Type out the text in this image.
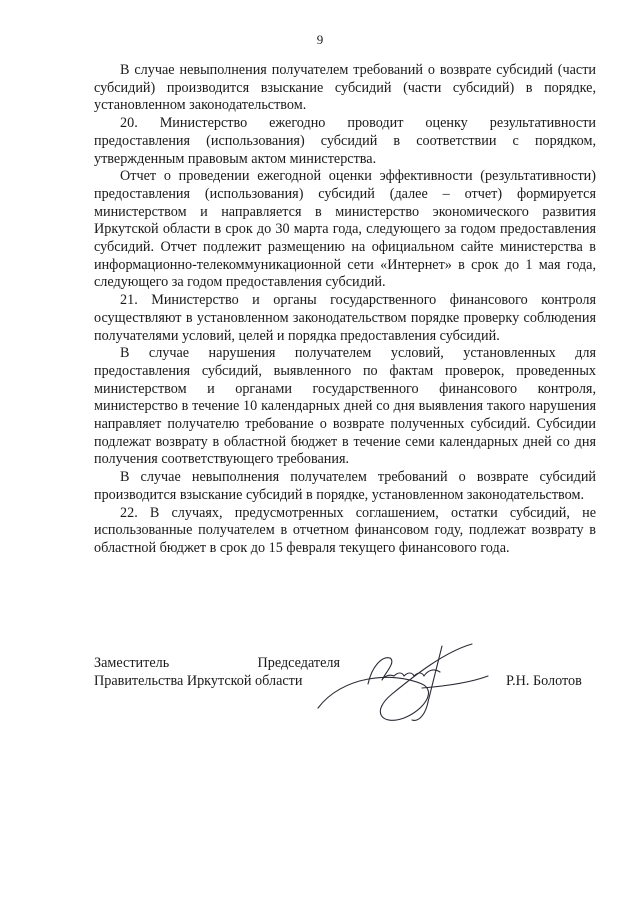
9

В случае невыполнения получателем требований о возврате субсидий (части субсидий) производится взыскание субсидий (части субсидий) в порядке, установленном законодательством.

20. Министерство ежегодно проводит оценку результативности предоставления (использования) субсидий в соответствии с порядком, утвержденным правовым актом министерства.

Отчет о проведении ежегодной оценки эффективности (результативности) предоставления (использования) субсидий (далее – отчет) формируется министерством и направляется в министерство экономического развития Иркутской области в срок до 30 марта года, следующего за годом предоставления субсидий. Отчет подлежит размещению на официальном сайте министерства в информационно-телекоммуникационной сети «Интернет» в срок до 1 мая года, следующего за годом предоставления субсидий.

21. Министерство и органы государственного финансового контроля осуществляют в установленном законодательством порядке проверку соблюдения получателями условий, целей и порядка предоставления субсидий.

В случае нарушения получателем условий, установленных для предоставления субсидий, выявленного по фактам проверок, проведенных министерством и органами государственного финансового контроля, министерство в течение 10 календарных дней со дня выявления такого нарушения направляет получателю требование о возврате полученных субсидий. Субсидии подлежат возврату в областной бюджет в течение семи календарных дней со дня получения соответствующего требования.

В случае невыполнения получателем требований о возврате субсидий производится взыскание субсидий в порядке, установленном законодательством.

22. В случаях, предусмотренных соглашением, остатки субсидий, не использованные получателем в отчетном финансовом году, подлежат возврату в областной бюджет в срок до 15 февраля текущего финансового года.

Заместитель	Председателя
Правительства Иркутской области	Р.Н. Болотов
